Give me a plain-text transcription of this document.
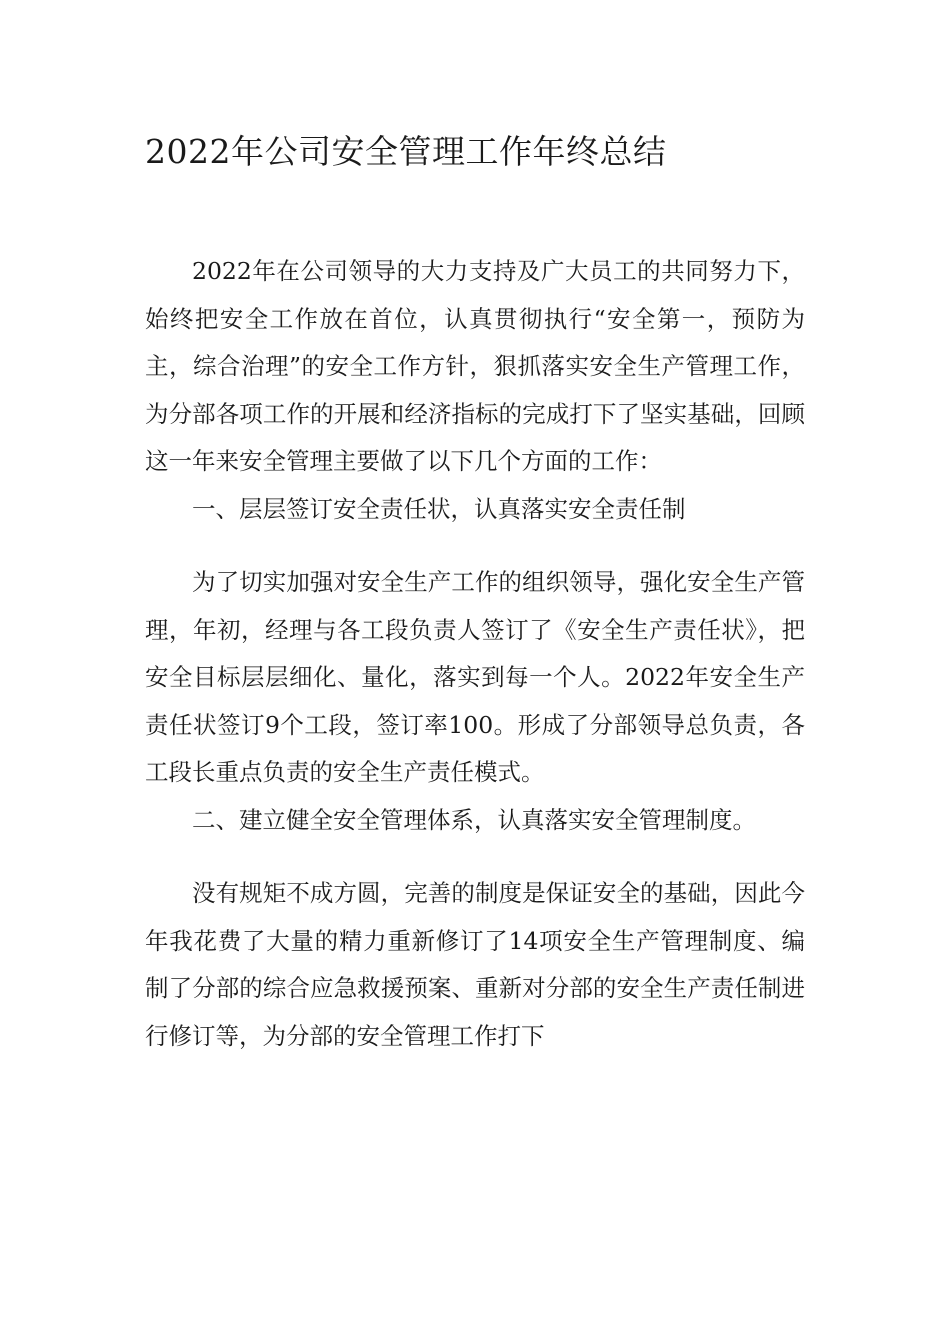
2022年公司安全管理工作年终总结

2022年在公司领导的大力支持及广大员工的共同努力下，始终把安全工作放在首位，认真贯彻执行“安全第一，预防为主，综合治理”的安全工作方针，狠抓落实安全生产管理工作，为分部各项工作的开展和经济指标的完成打下了坚实基础，回顾这一年来安全管理主要做了以下几个方面的工作：

一、层层签订安全责任状，认真落实安全责任制

为了切实加强对安全生产工作的组织领导，强化安全生产管理，年初，经理与各工段负责人签订了《安全生产责任状》，把安全目标层层细化、量化，落实到每一个人。2022年安全生产责任状签订9个工段，签订率100。形成了分部领导总负责，各工段长重点负责的安全生产责任模式。

二、建立健全安全管理体系，认真落实安全管理制度。

没有规矩不成方圆，完善的制度是保证安全的基础，因此今年我花费了大量的精力重新修订了14项安全生产管理制度、编制了分部的综合应急救援预案、重新对分部的安全生产责任制进行修订等，为分部的安全管理工作打下
